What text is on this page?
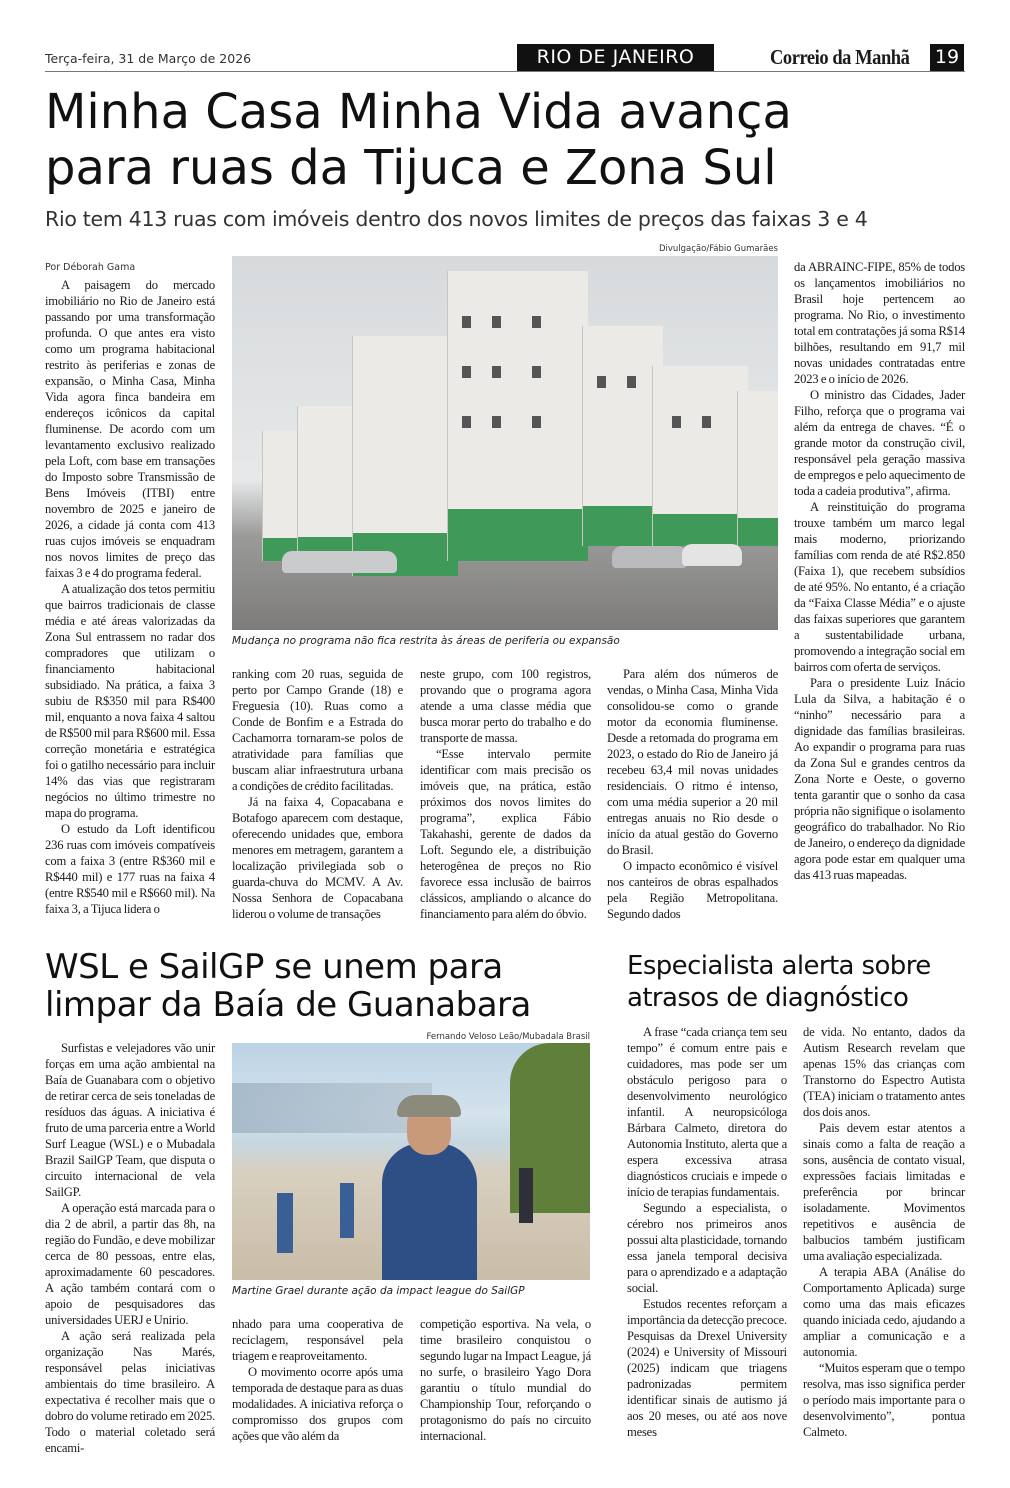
Terça-feira, 31 de Março de 2026	RIO DE JANEIRO	Correio da Manhã 19
Minha Casa Minha Vida avança
para ruas da Tijuca e Zona Sul
Rio tem 413 ruas com imóveis dentro dos novos limites de preços das faixas 3 e 4
Divulgação/Fábio Gumarães
Por Déborah Gama
Mudança no programa não fica restrita às áreas de periferia ou expansão

A paisagem do mercado imobiliário no Rio de Janeiro está passando por uma transformação profunda. O que antes era visto como um programa habitacional restrito às periferias e zonas de expansão, o Minha Casa, Minha Vida agora finca bandeira em endereços icônicos da capital fluminense. De acordo com um levantamento exclusivo realizado pela Loft, com base em transações do Imposto sobre Transmissão de Bens Imóveis (ITBI) entre novembro de 2025 e janeiro de 2026, a cidade já conta com 413 ruas cujos imóveis se enquadram nos novos limites de preço das faixas 3 e 4 do programa federal.

A atualização dos tetos permitiu que bairros tradicionais de classe média e até áreas valorizadas da Zona Sul entrassem no radar dos compradores que utilizam o financiamento habitacional subsidiado. Na prática, a faixa 3 subiu de R$350 mil para R$400 mil, enquanto a nova faixa 4 saltou de R$500 mil para R$600 mil. Essa correção monetária e estratégica foi o gatilho necessário para incluir 14% das vias que registraram negócios no último trimestre no mapa do programa.

O estudo da Loft identificou 236 ruas com imóveis compatíveis com a faixa 3 (entre R$360 mil e R$440 mil) e 177 ruas na faixa 4 (entre R$540 mil e R$660 mil). Na faixa 3, a Tijuca lidera o

ranking com 20 ruas, seguida de perto por Campo Grande (18) e Freguesia (10). Ruas como a Conde de Bonfim e a Estrada do Cachamorra tornaram-se polos de atratividade para famílias que buscam aliar infraestrutura urbana a condições de crédito facilitadas.

Já na faixa 4, Copacabana e Botafogo aparecem com destaque, oferecendo unidades que, embora menores em metragem, garantem a localização privilegiada sob o guarda-chuva do MCMV. A Av. Nossa Senhora de Copacabana liderou o volume de transações

neste grupo, com 100 registros, provando que o programa agora atende a uma classe média que busca morar perto do trabalho e do transporte de massa.

“Esse intervalo permite identificar com mais precisão os imóveis que, na prática, estão próximos dos novos limites do programa”, explica Fábio Takahashi, gerente de dados da Loft. Segundo ele, a distribuição heterogênea de preços no Rio favorece essa inclusão de bairros clássicos, ampliando o alcance do financiamento para além do óbvio.

Para além dos números de vendas, o Minha Casa, Minha Vida consolidou-se como o grande motor da economia fluminense. Desde a retomada do programa em 2023, o estado do Rio de Janeiro já recebeu 63,4 mil novas unidades residenciais. O ritmo é intenso, com uma média superior a 20 mil entregas anuais no Rio desde o início da atual gestão do Governo do Brasil.

O impacto econômico é visível nos canteiros de obras espalhados pela Região Metropolitana. Segundo dados

da ABRAINC-FIPE, 85% de todos os lançamentos imobiliários no Brasil hoje pertencem ao programa. No Rio, o investimento total em contratações já soma R$14 bilhões, resultando em 91,7 mil novas unidades contratadas entre 2023 e o início de 2026.

O ministro das Cidades, Jader Filho, reforça que o programa vai além da entrega de chaves. “É o grande motor da construção civil, responsável pela geração massiva de empregos e pelo aquecimento de toda a cadeia produtiva”, afirma.

A reinstituição do programa trouxe também um marco legal mais moderno, priorizando famílias com renda de até R$2.850 (Faixa 1), que recebem subsídios de até 95%. No entanto, é a criação da “Faixa Classe Média” e o ajuste das faixas superiores que garantem a sustentabilidade urbana, promovendo a integração social em bairros com oferta de serviços.

Para o presidente Luiz Inácio Lula da Silva, a habitação é o “ninho” necessário para a dignidade das famílias brasileiras. Ao expandir o programa para ruas da Zona Sul e grandes centros da Zona Norte e Oeste, o governo tenta garantir que o sonho da casa própria não signifique o isolamento geográfico do trabalhador. No Rio de Janeiro, o endereço da dignidade agora pode estar em qualquer uma das 413 ruas mapeadas.

WSL e SailGP se unem para
limpar da Baía de Guanabara
Fernando Veloso Leão/Mubadala Brasil
Martine Grael durante ação da impact league do SailGP

Surfistas e velejadores vão unir forças em uma ação ambiental na Baía de Guanabara com o objetivo de retirar cerca de seis toneladas de resíduos das águas. A iniciativa é fruto de uma parceria entre a World Surf League (WSL) e o Mubadala Brazil SailGP Team, que disputa o circuito internacional de vela SailGP.

A operação está marcada para o dia 2 de abril, a partir das 8h, na região do Fundão, e deve mobilizar cerca de 80 pessoas, entre elas, aproximadamente 60 pescadores. A ação também contará com o apoio de pesquisadores das universidades UERJ e Unirio.

A ação será realizada pela organização Nas Marés, responsável pelas iniciativas ambientais do time brasileiro. A expectativa é recolher mais que o dobro do volume retirado em 2025. Todo o material coletado será encami-

nhado para uma cooperativa de reciclagem, responsável pela triagem e reaproveitamento.

O movimento ocorre após uma temporada de destaque para as duas modalidades. A iniciativa reforça o compromisso dos grupos com ações que vão além da

competição esportiva. Na vela, o time brasileiro conquistou o segundo lugar na Impact League, já no surfe, o brasileiro Yago Dora garantiu o título mundial do Championship Tour, reforçando o protagonismo do país no circuito internacional.

Especialista alerta sobre
atrasos de diagnóstico

A frase “cada criança tem seu tempo” é comum entre pais e cuidadores, mas pode ser um obstáculo perigoso para o desenvolvimento neurológico infantil. A neuropsicóloga Bárbara Calmeto, diretora do Autonomia Instituto, alerta que a espera excessiva atrasa diagnósticos cruciais e impede o início de terapias fundamentais.

Segundo a especialista, o cérebro nos primeiros anos possui alta plasticidade, tornando essa janela temporal decisiva para o aprendizado e a adaptação social.

Estudos recentes reforçam a importância da detecção precoce. Pesquisas da Drexel University (2024) e University of Missouri (2025) indicam que triagens padronizadas permitem identificar sinais de autismo já aos 20 meses, ou até aos nove meses

de vida. No entanto, dados da Autism Research revelam que apenas 15% das crianças com Transtorno do Espectro Autista (TEA) iniciam o tratamento antes dos dois anos.

Pais devem estar atentos a sinais como a falta de reação a sons, ausência de contato visual, expressões faciais limitadas e preferência por brincar isoladamente. Movimentos repetitivos e ausência de balbucios também justificam uma avaliação especializada.

A terapia ABA (Análise do Comportamento Aplicada) surge como uma das mais eficazes quando iniciada cedo, ajudando a ampliar a comunicação e a autonomia.

“Muitos esperam que o tempo resolva, mas isso significa perder o período mais importante para o desenvolvimento”, pontua Calmeto.
